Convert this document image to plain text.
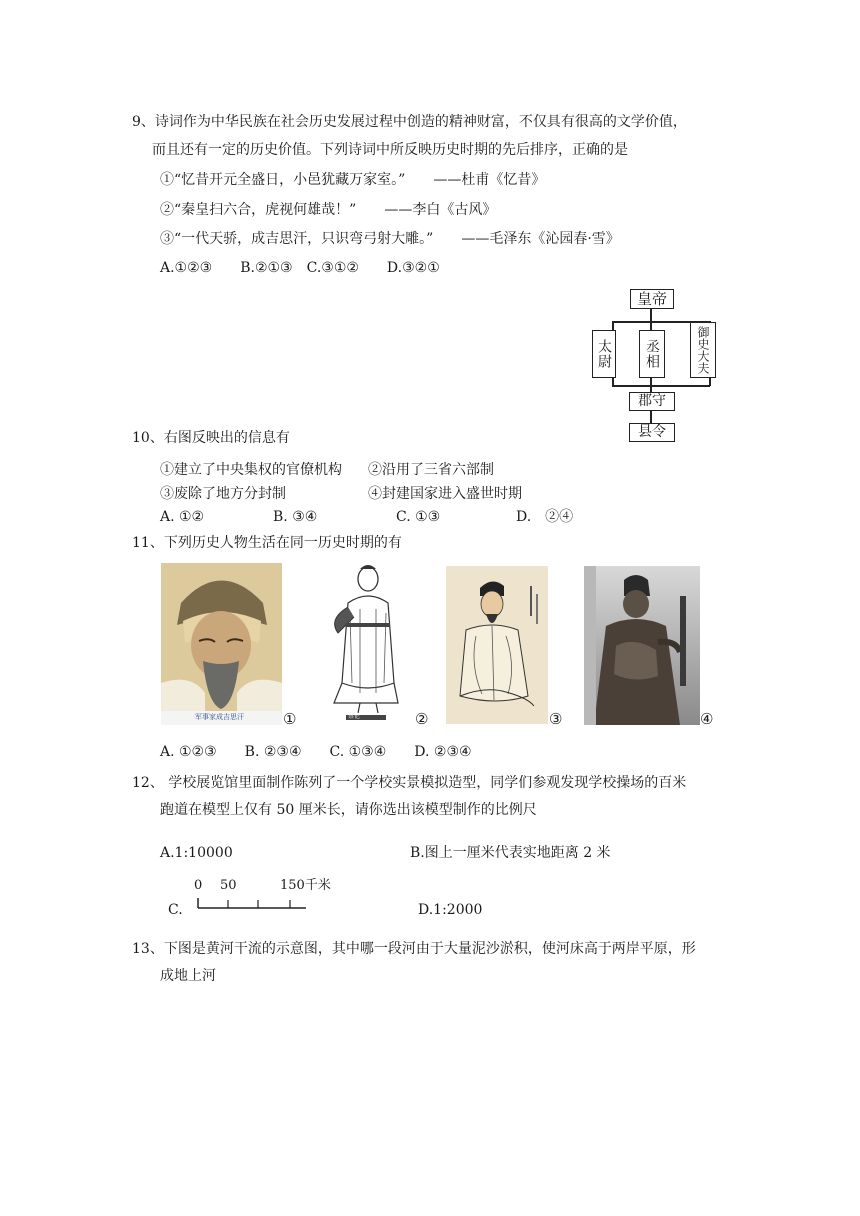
9、诗词作为中华民族在社会历史发展过程中创造的精神财富，不仅具有很高的文学价值，
而且还有一定的历史价值。下列诗词中所反映历史时期的先后排序，正确的是
①“忆昔开元全盛日，小邑犹藏万家室。”　　——杜甫《忆昔》
②“秦皇扫六合，虎视何雄哉！”　　——李白《古风》
③“一代天骄，成吉思汗，只识弯弓射大雕。”　　——毛泽东《沁园春·雪》
A.①②③　　B.②①③　C.③①②　　D.③②①
皇帝
太尉	丞相	御史大夫
郡守
县令
10、右图反映出的信息有
①建立了中央集权的官僚机构 ②沿用了三省六部制
③废除了地方分封制	④封建国家进入盛世时期
A. ①②	B. ③④	C. ①③	D.　②④
11、下列历史人物生活在同一历史时期的有
军事家成吉思汗	①	蔡伦	②	③	④
A. ①②③　　B. ②③④　　C. ①③④　　D. ②③④
12、 学校展览馆里面制作陈列了一个学校实景模拟造型，同学们参观发现学校操场的百米
跑道在模型上仅有 50 厘米长，请你选出该模型制作的比例尺
A.1:10000	B.图上一厘米代表实地距离 2 米
0 50	150千米
C.	D.1:2000
13、下图是黄河干流的示意图，其中哪一段河由于大量泥沙淤积，使河床高于两岸平原，形
成地上河
